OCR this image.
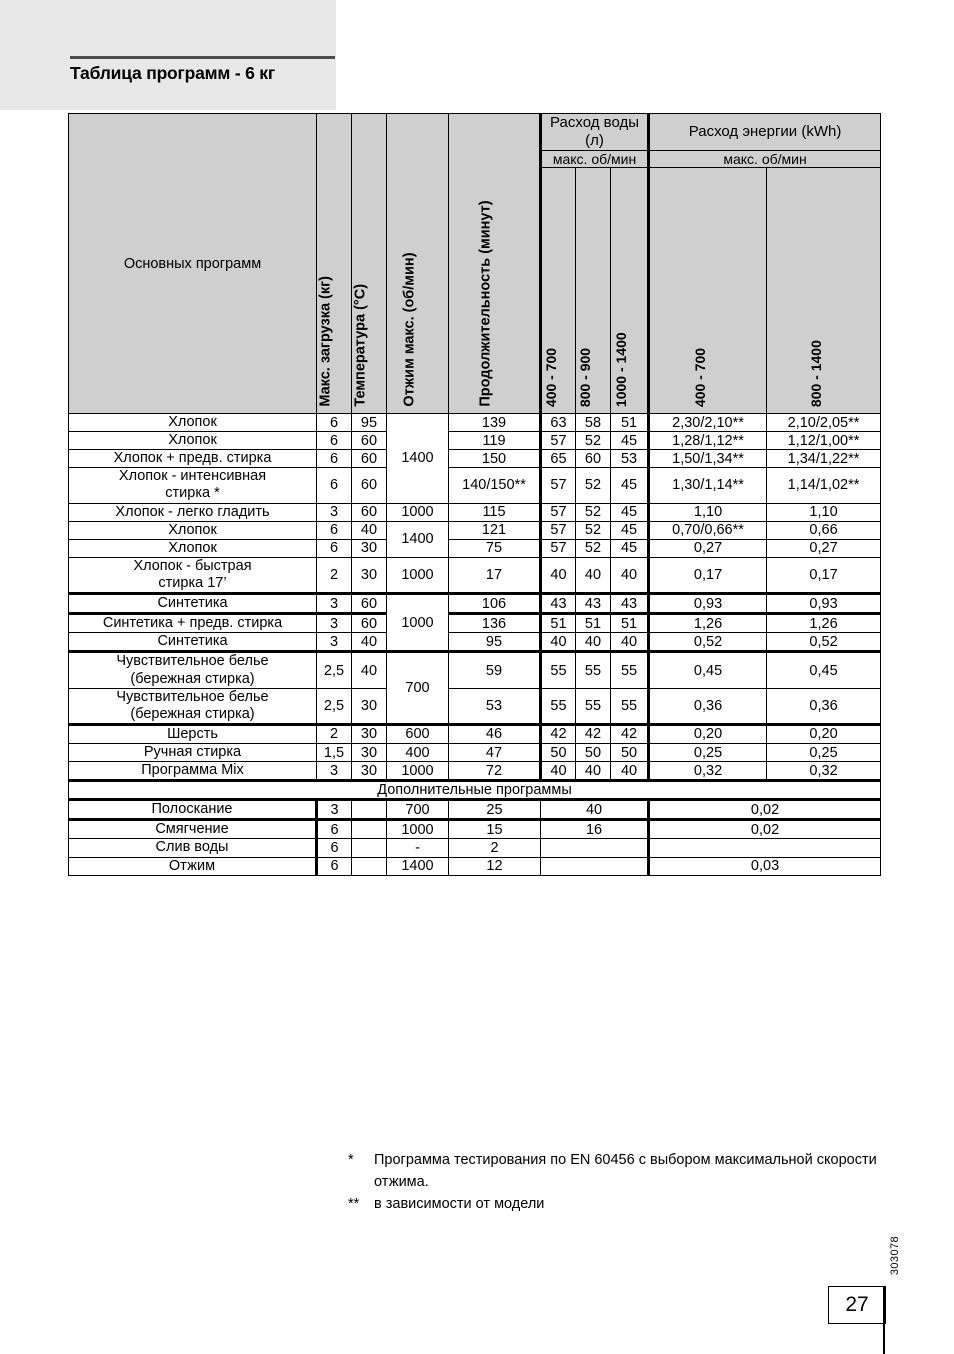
Таблица программ - 6 кг
Основных программ	Макс. загрузка (кг)	Температура (°C)	Отжим макс. (об/мин)	Продолжительность (минут)	Расход воды (л)			Расход энергии (kWh)	
					макс. об/мин			макс. об/мин	

					400 - 700	800 - 900	1000 - 1400	400 - 700	800 - 1400

Хлопок	6	95	1400	139	63	58	51	2,30/2,10**	2,10/2,05**
Хлопок	6	60		119	57	52	45	1,28/1,12**	1,12/1,00**
Хлопок + предв. стирка	6	60		150	65	60	53	1,50/1,34**	1,34/1,22**
Хлопок - интенсивная
стирка *	6	60		140/150**	57	52	45	1,30/1,14**	1,14/1,02**
Хлопок - легко гладить	3	60	1000	115	57	52	45	1,10	1,10
Хлопок	6	40	1400	121	57	52	45	0,70/0,66**	0,66
Хлопок	6	30		75	57	52	45	0,27	0,27
Хлопок - быстрая
стирка 17’	2	30	1000	17	40	40	40	0,17	0,17
Синтетика	3	60	1000	106	43	43	43	0,93	0,93
Синтетика + предв. стирка	3	60		136	51	51	51	1,26	1,26
Синтетика	3	40		95	40	40	40	0,52	0,52
Чувствительное белье
(бережная стирка)	2,5	40	700	59	55	55	55	0,45	0,45
Чувствительное белье
(бережная стирка)	2,5	30		53	55	55	55	0,36	0,36
Шерсть	2	30	600	46	42	42	42	0,20	0,20
Ручная стирка	1,5	30	400	47	50	50	50	0,25	0,25
Программа Mix	3	30	1000	72	40	40	40	0,32	0,32
Дополнительные программы									
Полоскание	3		700	25	40			0,02	
Смягчение	6		1000	15	16			0,02	
Слив воды	6		-	2					
Отжим	6		1400	12				0,03	
*	Программа тестирования по EN 60456 с выбором максимальной скорости отжима.
**	в зависимости от модели
27
303078
